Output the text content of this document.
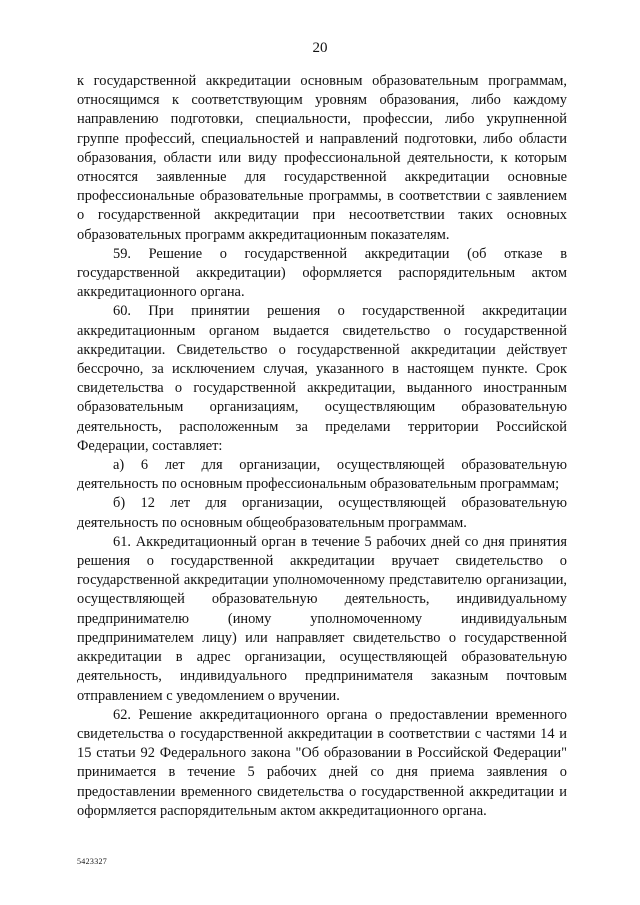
20

к государственной аккредитации основным образовательным программам, относящимся к соответствующим уровням образования, либо каждому направлению подготовки, специальности, профессии, либо укрупненной группе профессий, специальностей и направлений подготовки, либо области образования, области или виду профессиональной деятельности, к которым относятся заявленные для государственной аккредитации основные профессиональные образовательные программы, в соответствии с заявлением о государственной аккредитации при несоответствии таких основных образовательных программ аккредитационным показателям.

59. Решение о государственной аккредитации (об отказе в государственной аккредитации) оформляется распорядительным актом аккредитационного органа.

60. При принятии решения о государственной аккредитации аккредитационным органом выдается свидетельство о государственной аккредитации. Свидетельство о государственной аккредитации действует бессрочно, за исключением случая, указанного в настоящем пункте. Срок свидетельства о государственной аккредитации, выданного иностранным образовательным организациям, осуществляющим образовательную деятельность, расположенным за пределами территории Российской Федерации, составляет:

а) 6 лет для организации, осуществляющей образовательную деятельность по основным профессиональным образовательным программам;

б) 12 лет для организации, осуществляющей образовательную деятельность по основным общеобразовательным программам.

61. Аккредитационный орган в течение 5 рабочих дней со дня принятия решения о государственной аккредитации вручает свидетельство о государственной аккредитации уполномоченному представителю организации, осуществляющей образовательную деятельность, индивидуальному предпринимателю (иному уполномоченному индивидуальным предпринимателем лицу) или направляет свидетельство о государственной аккредитации в адрес организации, осуществляющей образовательную деятельность, индивидуального предпринимателя заказным почтовым отправлением с уведомлением о вручении.

62. Решение аккредитационного органа о предоставлении временного свидетельства о государственной аккредитации в соответствии с частями 14 и 15 статьи 92 Федерального закона "Об образовании в Российской Федерации" принимается в течение 5 рабочих дней со дня приема заявления о предоставлении временного свидетельства о государственной аккредитации и оформляется распорядительным актом аккредитационного органа.

5423327
